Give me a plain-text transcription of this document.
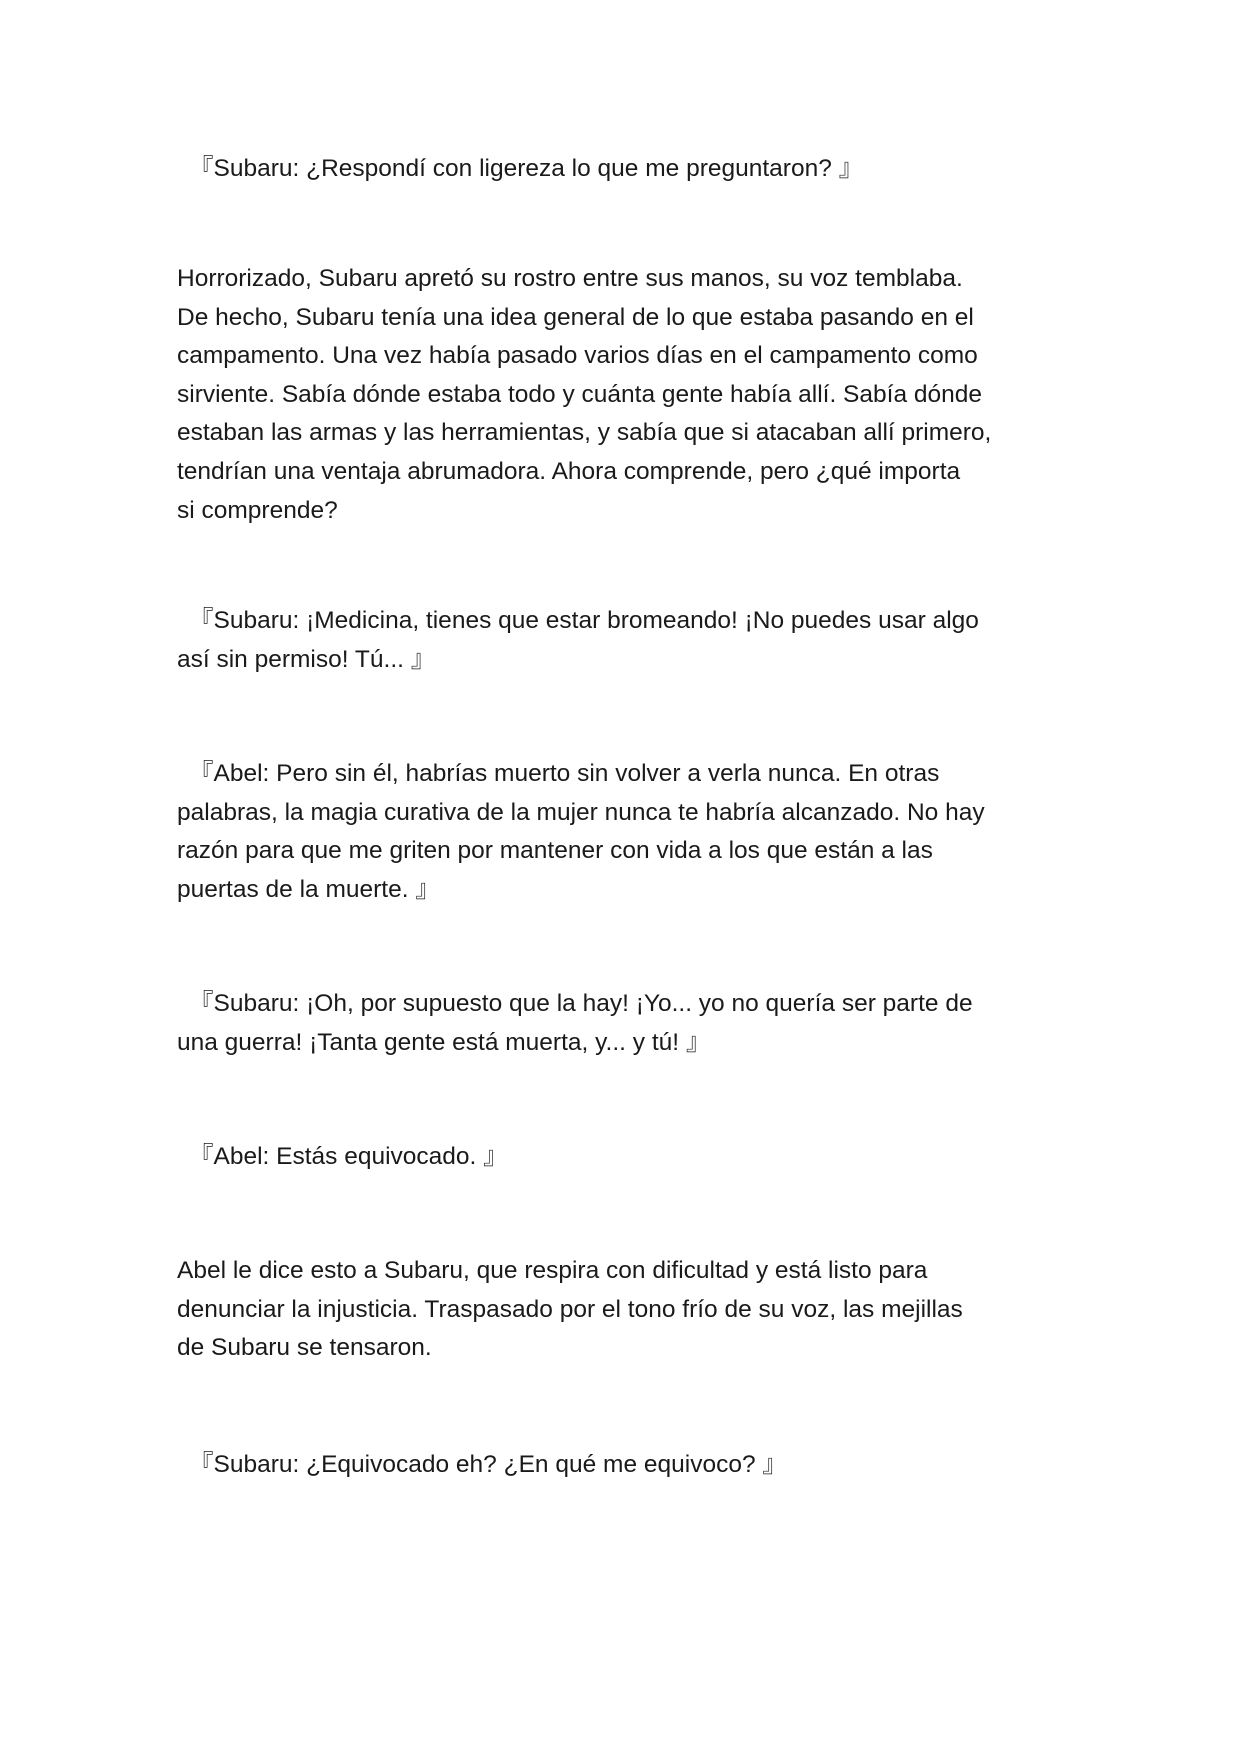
『Subaru: ¿Respondí con ligereza lo que me preguntaron? 』

Horrorizado, Subaru apretó su rostro entre sus manos, su voz temblaba.
De hecho, Subaru tenía una idea general de lo que estaba pasando en el
campamento. Una vez había pasado varios días en el campamento como
sirviente. Sabía dónde estaba todo y cuánta gente había allí. Sabía dónde
estaban las armas y las herramientas, y sabía que si atacaban allí primero,
tendrían una ventaja abrumadora. Ahora comprende, pero ¿qué importa
si comprende?

『Subaru: ¡Medicina, tienes que estar bromeando! ¡No puedes usar algo
así sin permiso! Tú... 』

『Abel: Pero sin él, habrías muerto sin volver a verla nunca. En otras
palabras, la magia curativa de la mujer nunca te habría alcanzado. No hay
razón para que me griten por mantener con vida a los que están a las
puertas de la muerte. 』

『Subaru: ¡Oh, por supuesto que la hay! ¡Yo... yo no quería ser parte de
una guerra! ¡Tanta gente está muerta, y... y tú! 』

『Abel: Estás equivocado. 』

Abel le dice esto a Subaru, que respira con dificultad y está listo para
denunciar la injusticia. Traspasado por el tono frío de su voz, las mejillas
de Subaru se tensaron.

『Subaru: ¿Equivocado eh? ¿En qué me equivoco? 』
